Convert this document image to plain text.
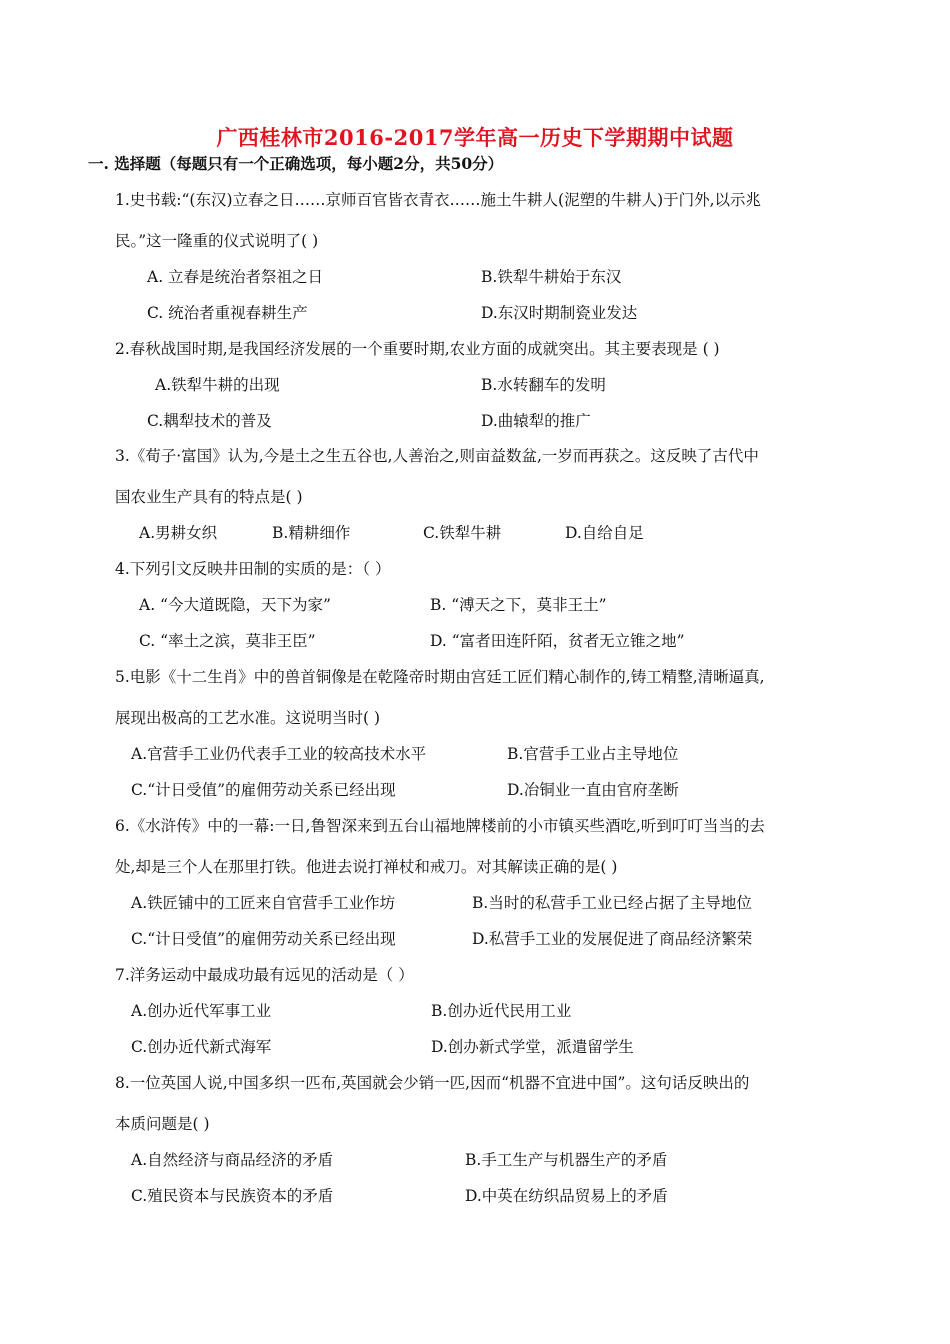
广西桂林市2016-2017学年高一历史下学期期中试题
一. 选择题（每题只有一个正确选项，每小题2分，共50分）
1.史书载:“(东汉)立春之日……京师百官皆衣青衣……施土牛耕人(泥塑的牛耕人)于门外,以示兆
民。”这一隆重的仪式说明了( )
A. 立春是统治者祭祖之日	B.铁犁牛耕始于东汉
C. 统治者重视春耕生产	D.东汉时期制瓷业发达
2.春秋战国时期,是我国经济发展的一个重要时期,农业方面的成就突出。其主要表现是 ( )
A.铁犁牛耕的出现	B.水转翻车的发明
C.耦犁技术的普及	D.曲辕犁的推广
3.《荀子·富国》认为,今是土之生五谷也,人善治之,则亩益数盆,一岁而再获之。这反映了古代中
国农业生产具有的特点是( )
A.男耕女织	B.精耕细作	C.铁犁牛耕	D.自给自足
4.下列引文反映井田制的实质的是：（ ）
A. “今大道既隐，天下为家”	B. “溥天之下，莫非王土”
C. “率土之滨，莫非王臣”	D. “富者田连阡陌，贫者无立锥之地”
5.电影《十二生肖》中的兽首铜像是在乾隆帝时期由宫廷工匠们精心制作的,铸工精整,清晰逼真,
展现出极高的工艺水准。这说明当时( )
A.官营手工业仍代表手工业的较高技术水平	B.官营手工业占主导地位
C.“计日受值”的雇佣劳动关系已经出现	D.冶铜业一直由官府垄断
6.《水浒传》中的一幕:一日,鲁智深来到五台山福地牌楼前的小市镇买些酒吃,听到叮叮当当的去
处,却是三个人在那里打铁。他进去说打禅杖和戒刀。对其解读正确的是( )
A.铁匠铺中的工匠来自官营手工业作坊	B.当时的私营手工业已经占据了主导地位
C.“计日受值”的雇佣劳动关系已经出现	D.私营手工业的发展促进了商品经济繁荣
7.洋务运动中最成功最有远见的活动是（ ）
A.创办近代军事工业	B.创办近代民用工业
C.创办近代新式海军	D.创办新式学堂，派遣留学生
8.一位英国人说,中国多织一匹布,英国就会少销一匹,因而“机器不宜进中国”。这句话反映出的
本质问题是( )
A.自然经济与商品经济的矛盾	B.手工生产与机器生产的矛盾
C.殖民资本与民族资本的矛盾	D.中英在纺织品贸易上的矛盾
